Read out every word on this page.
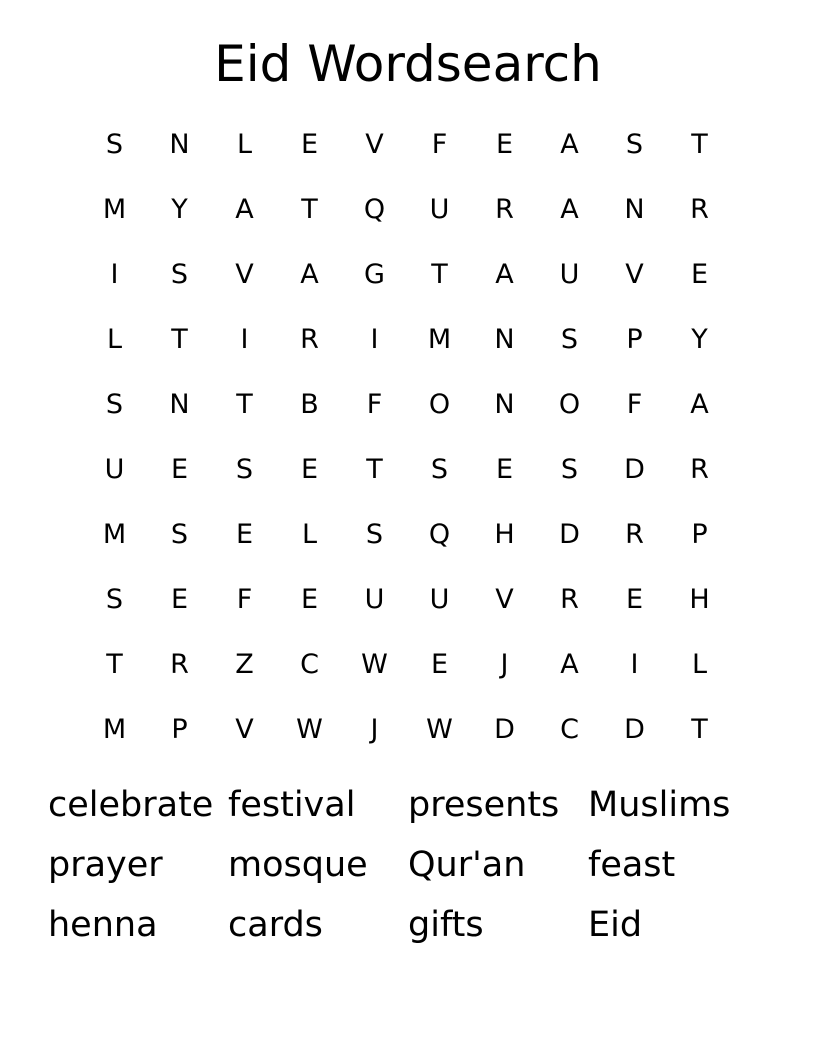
Eid Wordsearch
S	N	L	E	V	F	E	A	S	T
M	Y	A	T	Q	U	R	A	N	R
I	S	V	A	G	T	A	U	V	E
L	T	I	R	I	M	N	S	P	Y
S	N	T	B	F	O	N	O	F	A
U	E	S	E	T	S	E	S	D	R
M	S	E	L	S	Q	H	D	R	P
S	E	F	E	U	U	V	R	E	H
T	R	Z	C	W	E	J	A	I	L
M	P	V	W	J	W	D	C	D	T
celebrate festival	presents Muslims
prayer	mosque	Qur'an	feast
henna	cards	gifts	Eid
